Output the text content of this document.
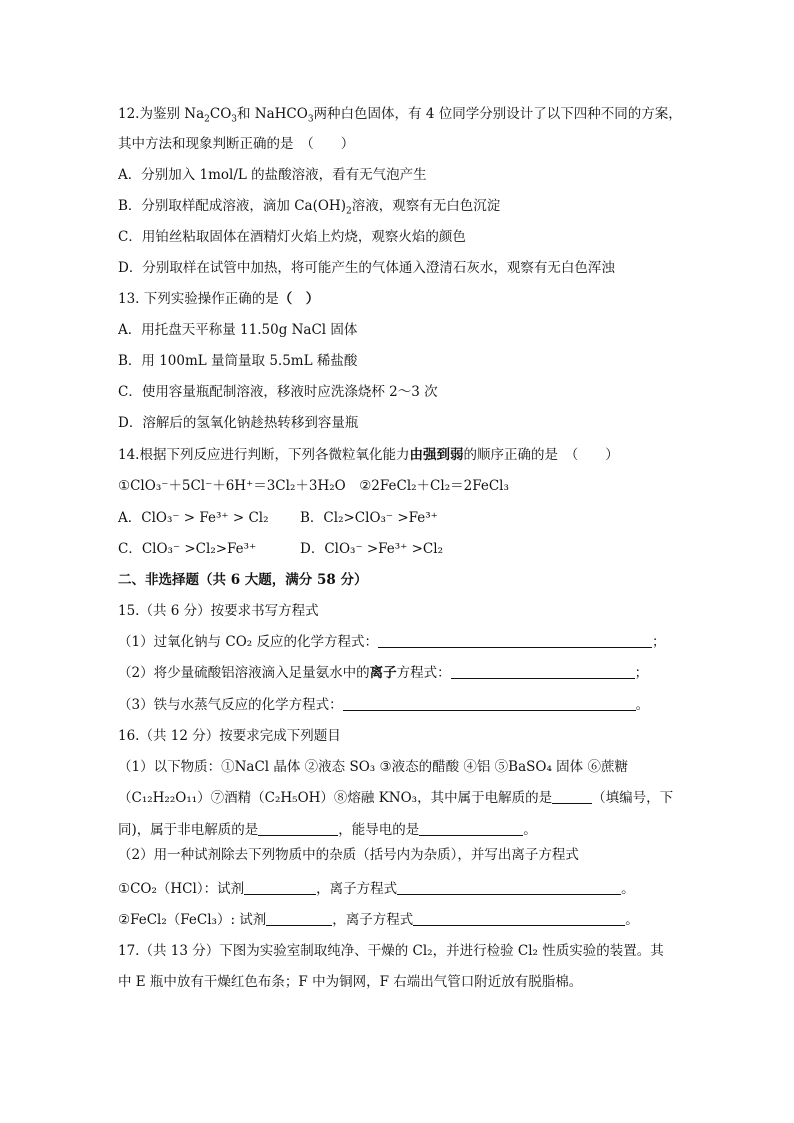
12.为鉴别 $Na_2CO_3$和 NaHCO$_3$两种白色固体，有 4 位同学分别设计了以下四种不同的方案，
其中方法和现象判断正确的是　（　　）
A．分别加入 1mol/L 的盐酸溶液，看有无气泡产生
B．分别取样配成溶液，滴加 $Ca(OH)_2$溶液，观察有无白色沉淀
C．用铂丝粘取固体在酒精灯火焰上灼烧，观察火焰的颜色
D．分别取样在试管中加热，将可能产生的气体通入澄清石灰水，观察有无白色浑浊
13. 下列实验操作正确的是（　）
A．用托盘天平称量 11.50g NaCl 固体
B．用 100mL 量筒量取 5.5mL 稀盐酸
C．使用容量瓶配制溶液，移液时应洗涤烧杯 2～3 次
D．溶解后的氢氧化钠趁热转移到容量瓶
14.根据下列反应进行判断，下列各微粒氧化能力由强到弱的顺序正确的是　（　　）
①ClO₃⁻＋5Cl⁻＋6H⁺＝3Cl₂＋3H₂O　②2FeCl₂＋Cl₂＝2FeCl₃
A．ClO₃⁻ > Fe³⁺ > Cl₂ B．Cl₂>ClO₃⁻ >Fe³⁺
C．ClO₃⁻ >Cl₂>Fe³⁺	D．ClO₃⁻ >Fe³⁺ >Cl₂
二、非选择题（共 6 大题，满分 58 分）
15.（共 6 分）按要求书写方程式
（1）过氧化钠与 CO₂ 反应的化学方程式：	；
（2）将少量硫酸铝溶液滴入足量氨水中的离子方程式：	；
（3）铁与水蒸气反应的化学方程式：	。
16.（共 12 分）按要求完成下列题目
（1）以下物质：①NaCl 晶体 ②液态 SO₃ ③液态的醋酸 ④铝 ⑤BaSO₄ 固体 ⑥蔗糖
（C₁₂H₂₂O₁₁）⑦酒精（C₂H₅OH）⑧熔融 KNO₃，其中属于电解质的是	（填编号，下
同)，属于非电解质的是	，能导电的是	。
（2）用一种试剂除去下列物质中的杂质（括号内为杂质），并写出离子方程式
①CO₂（HCl）：试剂	，离子方程式	。
②FeCl₂（FeCl₃）: 试剂	，离子方程式	。
17.（共 13 分）下图为实验室制取纯净、干燥的 Cl₂，并进行检验 Cl₂ 性质实验的装置。其
中 E 瓶中放有干燥红色布条；F 中为铜网，F 右端出气管口附近放有脱脂棉。
